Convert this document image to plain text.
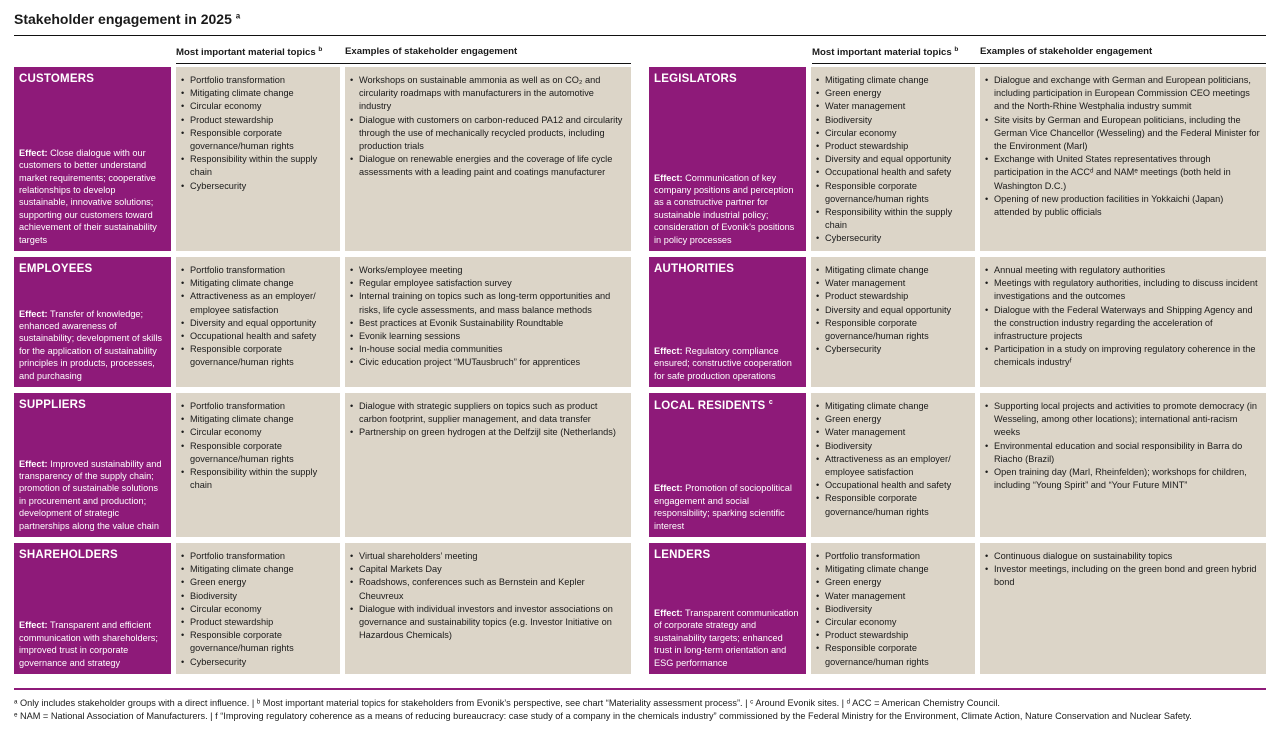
Stakeholder engagement in 2025 $^a$
Most important material topics $^b$ Examples of stakeholder engagement	Most important material topics $^b$ Examples of stakeholder engagement
CUSTOMERS
Effect: Close dialogue with our customers to better understand market requirements; cooperative relationships to develop sustainable, innovative solutions; supporting our customers toward achievement of their sustainability targets
• Portfolio transformation
• Mitigating climate change
• Circular economy
• Product stewardship
• Responsible corporate governance/human rights
• Responsibility within the supply chain
• Cybersecurity
• Workshops on sustainable ammonia as well as on CO₂ and circularity roadmaps with manufacturers in the automotive industry
• Dialogue with customers on carbon-reduced PA12 and circularity through the use of mechanically recycled products, including production trials
• Dialogue on renewable energies and the coverage of life cycle assessments with a leading paint and coatings manufacturer
EMPLOYEES
Effect: Transfer of knowledge; enhanced awareness of sustainability; development of skills for the application of sustainability principles in products, processes, and purchasing
• Portfolio transformation
• Mitigating climate change
• Attractiveness as an employer/ employee satisfaction
• Diversity and equal opportunity
• Occupational health and safety
• Responsible corporate governance/human rights
• Works/employee meeting
• Regular employee satisfaction survey
• Internal training on topics such as long-term opportunities and risks, life cycle assessments, and mass balance methods
• Best practices at Evonik Sustainability Roundtable
• Evonik learning sessions
• In-house social media communities
• Civic education project “MUTausbruch” for apprentices
SUPPLIERS
Effect: Improved sustainability and transparency of the supply chain; promotion of sustainable solutions in procurement and production; development of strategic partnerships along the value chain
• Portfolio transformation
• Mitigating climate change
• Circular economy
• Responsible corporate governance/human rights
• Responsibility within the supply chain
• Dialogue with strategic suppliers on topics such as product carbon footprint, supplier management, and data transfer
• Partnership on green hydrogen at the Delfzijl site (Netherlands)
SHAREHOLDERS
Effect: Transparent and efficient communication with shareholders; improved trust in corporate governance and strategy
• Portfolio transformation
• Mitigating climate change
• Green energy
• Biodiversity
• Circular economy
• Product stewardship
• Responsible corporate governance/human rights
• Cybersecurity
• Virtual shareholders’ meeting
• Capital Markets Day
• Roadshows, conferences such as Bernstein and Kepler Cheuvreux
• Dialogue with individual investors and investor associations on governance and sustainability topics (e.g. Investor Initiative on Hazardous Chemicals)
LEGISLATORS
Effect: Communication of key company positions and perception as a constructive partner for sustainable industrial policy; consideration of Evonik’s positions in policy processes
• Mitigating climate change
• Green energy
• Water management
• Biodiversity
• Circular economy
• Product stewardship
• Diversity and equal opportunity
• Occupational health and safety
• Responsible corporate governance/human rights
• Responsibility within the supply chain
• Cybersecurity
• Dialogue and exchange with German and European politicians, including participation in European Commission CEO meetings and the North-Rhine Westphalia industry summit
• Site visits by German and European politicians, including the German Vice Chancellor (Wesseling) and the Federal Minister for the Environment (Marl)
• Exchange with United States representatives through participation in the ACCᵈ and NAMᵉ meetings (both held in Washington D.C.)
• Opening of new production facilities in Yokkaichi (Japan) attended by public officials
AUTHORITIES
Effect: Regulatory compliance ensured; constructive cooperation for safe production operations
• Mitigating climate change
• Water management
• Product stewardship
• Diversity and equal opportunity
• Responsible corporate governance/human rights
• Cybersecurity
• Annual meeting with regulatory authorities
• Meetings with regulatory authorities, including to discuss incident investigations and the outcomes
• Dialogue with the Federal Waterways and Shipping Agency and the construction industry regarding the acceleration of infrastructure projects
• Participation in a study on improving regulatory coherence in the chemicals industryᶠ
LOCAL RESIDENTS $^c$
Effect: Promotion of sociopolitical engagement and social responsibility; sparking scientific interest
• Mitigating climate change
• Green energy
• Water management
• Biodiversity
• Attractiveness as an employer/ employee satisfaction
• Occupational health and safety
• Responsible corporate governance/human rights
• Supporting local projects and activities to promote democracy (in Wesseling, among other locations); international anti-racism weeks
• Environmental education and social responsibility in Barra do Riacho (Brazil)
• Open training day (Marl, Rheinfelden); workshops for children, including “Young Spirit” and “Your Future MINT”
LENDERS
Effect: Transparent communication of corporate strategy and sustainability targets; enhanced trust in long-term orientation and ESG performance
• Portfolio transformation
• Mitigating climate change
• Green energy
• Water management
• Biodiversity
• Circular economy
• Product stewardship
• Responsible corporate governance/human rights
• Continuous dialogue on sustainability topics
• Investor meetings, including on the green bond and green hybrid bond

ᵃ Only includes stakeholder groups with a direct influence. | ᵇ Most important material topics for stakeholders from Evonik’s perspective, see chart “Materiality assessment process”. | ᶜ Around Evonik sites. | ᵈ ACC = American Chemistry Council.

ᵉ NAM = National Association of Manufacturers. | f “Improving regulatory coherence as a means of reducing bureaucracy: case study of a company in the chemicals industry” commissioned by the Federal Ministry for the Environment, Climate Action, Nature Conservation and Nuclear Safety.
